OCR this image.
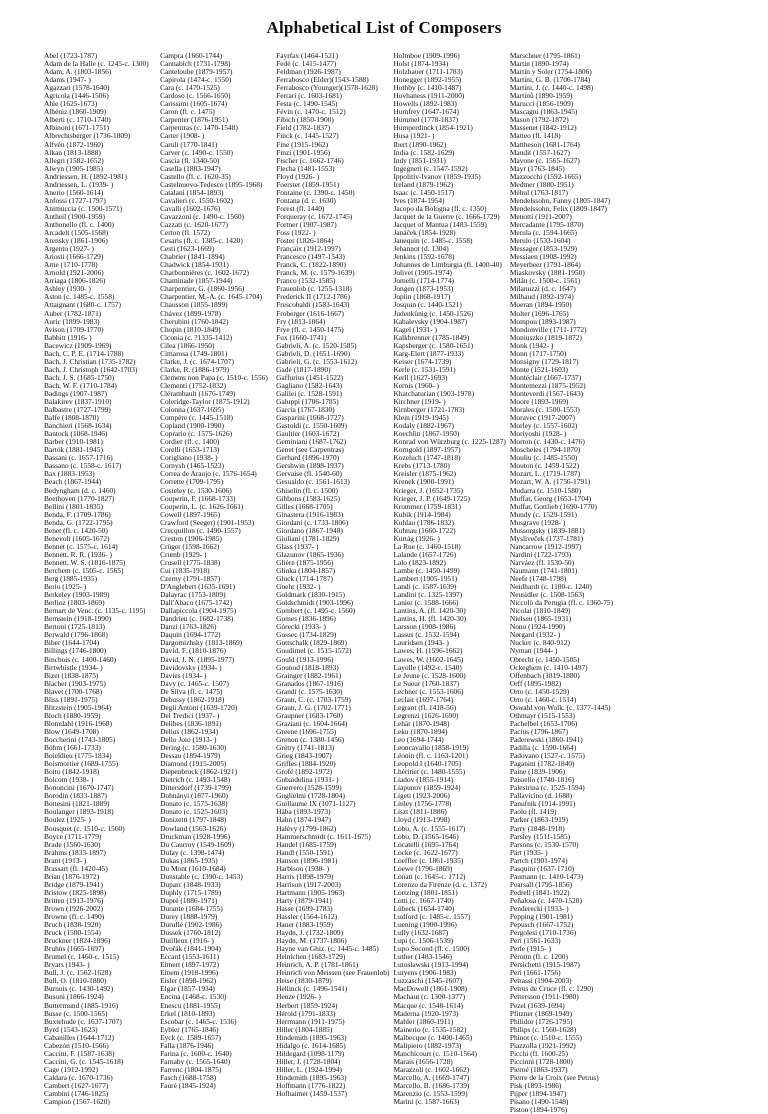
Alphabetical List of Composers
Abel (1723-1787)
Adam de la Halle (c. 1245-c. 1300)
Adam, A. (1803-1856)
Adams (1947- )
Agazzari (1578-1640)
Agricola (1446-1506)
Ahle (1625-1673)
Albéniz (1860-1909)
Alberti (c. 1710-1740)
Albinoni (1671-1751)
Albrechtsberger (1736-1809)
Alfvén (1872-1960)
Alkan (1813-1888)
Allegri (1582-1652)
Alwyn (1905-1985)
Andriessen, H. (1892-1981)
Andriessen, L. (1939- )
Anerio (1560-1614)
Anfossi (1727-1797)
Animuccia (c. 1500-1571)
Antheil (1900-1959)
Anthonello (fl. c. 1400)
Arcadelt (1505-1568)
Arensky (1861-1906)
Argento (1927- )
Ariosti (1666-1729)
Arne (1710-1778)
Arnold (1921-2006)
Arriaga (1806-1826)
Ashley (1930- )
Aston (c. 1485-c. 1558)
Attaignant (1680-c. 1757)
Auber (1782-1871)
Auric (1899-1983)
Avison (1709-1770)
Babbitt (1916- )
Bacewicz (1909-1969)
Bach, C. P. E. (1714-1788)
Bach, J. Christian (1735-1782)
Bach, J. Christoph (1642-1703)
Bach, J. S. (1685-1750)
Bach, W. F. (1710-1784)
Badings (1907-1987)
Balakirev (1837-1910)
Balbastre (1727-1799)
Balfe (1808-1870)
Banchieri (1568-1634)
Bantock (1868-1946)
Barber (1910-1981)
Bartók (1881-1945)
Bassani (c. 1657-1716)
Bassano (c. 1558-c. 1617)
Bax (1883-1953)
Beach (1867-1944)
Bedyngham (d. c. 1460)
Beethoven (1770-1827)
Bellini (1801-1835)
Benda, F. (1709-1786)
Benda, G. (1722-1795)
Benet (fl. c. 1420-50)
Benevoli (1605-1672)
Bennet (c. 1575-c. 1614)
Bennett, R. R. (1936- )
Bennett, W. S. (1816-1875)
Berchem (c. 1505-c. 1565)
Berg (1885-1935)
Berio (1925- )
Berkeley (1903-1989)
Berlioz (1803-1869)
Bernart de Venc. (c. 1135-c. 1195)
Bernstein (1918-1990)
Bertoni (1725-1813)
Berwald (1796-1868)
Biber (1644-1704)
Billings (1746-1800)
Binchois (c. 1400-1460)
Birtwhistle (1934- )
Bizet (1838-1875)
Blacher (1903-1975)
Blavet (1700-1768)
Bliss (1891-1975)
Blitzstein (1905-1964)
Bloch (1880-1959)
Blomdahl (1916-1968)
Blow (1649-1708)
Boccherini (1743-1805)
Böhm (1661-1733)
Boieldieu (1775-1834)
Boismortier (1689-1755)
Boito (1842-1918)
Bolcom (1938- )
Bononcini (1670-1747)
Borodin (1833-1887)
Bottesini (1821-1889)
Boulanger (1893-1918)
Boulez (1925- )
Bousquet (c. 1510-c. 1560)
Boyce (1711-1779)
Brade (1560-1630)
Brahms (1833-1897)
Brant (1913- )
Brassart (fl. 1420-45)
Brian (1876-1972)
Bridge (1879-1941)
Bristow (1825-1898)
Britten (1913-1976)
Brown (1926-2002)
Browne (fl. c. 1490)
Bruch (1838-1920)
Bruck (1500-1554)
Bruckner (1824-1896)
Bruhns (1665-1697)
Brumel (c. 1460-c. 1515)
Bryars (1943- )
Bull, J. (c. 1562-1628)
Bull, O. (1810-1880)
Burnois (c. 1430-1492)
Busoni (1866-1924)
Buttermund (1885-1916)
Busse (c. 1500-1565)
Buxtehude (c. 1637-1707)
Byrd (1543-1623)
Cabanilles (1644-1712)
Cabezón (1510-1566)
Caccini, F. (1587-1638)
Caccini, G. (c. 1545-1618)
Cage (1912-1992)
Caldara (c. 1670-1736)
Cambert (1627-1677)
Cambini (1746-1825)
Campion (1567-1620)
Campra (1660-1744)
Cannabich (1731-1798)
Canteloube (1879-1957)
Capirola (1474-c. 1550)
Cara (c. 1470-1525)
Cardoso (c. 1566-1650)
Carissimi (1605-1674)
Caron (fl. c. 1475)
Carpenter (1876-1951)
Carpentras (c. 1470-1548)
Carter (1908- )
Caruli (1770-1841)
Carver (c. 1490-c. 1550)
Cascia (fl. 1340-50)
Casella (1883-1947)
Castello (fl. c. 1620-35)
Castelnuovo-Tedesco (1895-1968)
Catalani (1854-1893)
Cavalieri (c. 1550-1602)
Cavalli (1602-1676)
Cavazzoni (c. 1490-c. 1560)
Cazzati (c. 1620-1677)
Certon (fl. 1572)
Cesaris (fl. c. 1385-c. 1420)
Cesti (1623-1669)
Chabrier (1841-1894)
Chadwick (1854-1931)
Charbonnières (c. 1602-1672)
Chaminade (1857-1944)
Charpentier, G. (1860-1956)
Charpentier, M.-A. (c. 1645-1704)
Chausson (1855-1899)
Chávez (1899-1978)
Cherubini (1760-1842)
Chopin (1810-1849)
Ciconia (c. ?1335-1412)
Cilea (1866-1950)
Cimarosa (1749-1801)
Clarke, J. (c. 1674-1707)
Clarke, R. (1886-1979)
Clemens non Papa (c. 1510-c. 1556)
Clementi (1752-1832)
Clérambault (1676-1749)
Coleridge-Taylor (1875-1912)
Colonna (1637-1695)
Compère (c. 1445-1518)
Copland (1900-1990)
Coprario (c. 1575-1626)
Cordier (fl. c. 1400)
Corelli (1653-1713)
Corigliano (1938- )
Cornysh (1465-1523)
Correa de Araujo (c. 1576-1654)
Corrette (1709-1795)
Costeley (c. 1530-1606)
Couperin, F. (1668-1733)
Couperin, L. (c. 1626-1661)
Cowell (1897-1965)
Crawford (Seeger) (1901-1953)
Crecquillon (c. 1490-1557)
Creston (1906-1985)
Crüger (1598-1662)
Crumb (1929- )
Crusell (1775-1838)
Cui (1835-1918)
Czerny (1791-1857)
D'Anglebert (1635-1691)
Dalayrac (1753-1809)
Dall'Abaco (1675-1742)
Dallapiccola (1904-1975)
Dandrieu (c. 1682-1738)
Danzi (1763-1826)
Daquin (1694-1772)
Dargomizhsky (1813-1869)
David, F. (1810-1876)
David, J. N. (1895-1977)
Davidovsky (1934- )
Davies (1934- )
Davy (c. 1465-c. 1507)
De Silva (fl. c. 1475)
Debussy (1862-1918)
Degli Antoni (1639-1720)
Del Tredici (1937- )
Delibes (1836-1891)
Delius (1862-1934)
Dello Joio (1913- )
Dering (c. 1580-1630)
Dessau (1894-1979)
Diamond (1915-2005)
Diepenbrock (1862-1921)
Dietrich (c. 1493-1548)
Dittersdorf (1739-1799)
Dohnányi (1877-1960)
Donato (c. 1575-1638)
Donato (c. 1525-1603)
Donizetti (1797-1848)
Dowland (1563-1626)
Druckman (1928-1996)
Du Caurroy (1549-1609)
Dufay (c. 1398-1474)
Dukas (1865-1935)
Du Mont (1610-1684)
Dunstable (c. 1390-c. 1453)
Duparc (1848-1933)
Duphly (1715-1789)
Dupré (1886-1971)
Durante (1684-1755)
Durey (1888-1979)
Duruflé (1902-1986)
Dussek (1760-1812)
Dutilleux (1916- )
Dvořák (1841-1904)
Eccard (1553-1611)
Eimert (1897-1972)
Einem (1918-1996)
Eisler (1898-1962)
Elgar (1857-1934)
Encina (1468-c. 1530)
Enescu (1881-1955)
Erkel (1810-1893)
Escobar (c. 1465-c. 1536)
Eybler (1765-1846)
Eyck (c. 1589-1657)
Falla (1876-1946)
Farina (c. 1600-c. 1640)
Farnaby (c. 1565-1640)
Farrenc (1804-1875)
Fasch (1688-1758)
Fauré (1845-1924)
Fayrfax (1464-1521)
Fedé (c. 1415-1477)
Feldman (1926-1987)
Ferrabosco (Elder)(1543-1588)
Ferrabosco (Younger)(1578-1628)
Ferrari (c. 1603-1681)
Festa (c. 1490-1545)
Févin (c. 1470-c. 1512)
Fibich (1850-1900)
Field (1782-1837)
Finck (c. 1445-1527)
Fine (1915-1962)
Finzi (1901-1956)
Fischer (c. 1662-1746)
Flecha (1481-1553)
Floyd (1926- )
Foerster (1859-1951)
Fontaine (c. 1390-c. 1450)
Fontana (d. c. 1630)
Forest (fl. 1440)
Forqueray (c. 1672-1745)
Fortner (1907-1987)
Foss (1922- )
Foster (1826-1864)
Françaix (1912-1997)
Francesco (1497-1543)
Franck, C. (1822-1890)
Franck, M. (c. 1579-1639)
Franco (1532-1585)
Frauenlob (c. 1255-1318)
Frederick II (1712-1786)
Frescobaldi (1583-1643)
Froberger (1616-1667)
Fry (1813-1864)
Frye (fl. c. 1450-1475)
Fux (1660-1741)
Gabrieli, A. (c. 1520-1585)
Gabrieli, D. (1651-1690)
Gabrieli, G. (c. 1553-1612)
Gade (1817-1890)
Gaffurius (1451-1522)
Gagliano (1582-1643)
Galilei (c. 1528-1591)
Galuppi (1706-1785)
Garcia (1767-1830)
Gasparini (1668-1727)
Gastoldi (c. 1550-1609)
Gaultier (1603-1672)
Geminiani (1687-1762)
Genet (see Carpentras)
Gerhard (1896-1970)
Gershwin (1898-1937)
Gervaise (fl. 1540-60)
Gesualdo (c. 1561-1613)
Ghiselin (fl. c. 1500)
Gibbons (1583-1625)
Gilles (1668-1705)
Ginastera (1916-1983)
Giordani (c. 1733-1806)
Giordano (1867-1948)
Giuliani (1781-1829)
Glass (1937- )
Glazunov (1865-1936)
Glière (1875-1956)
Glinka (1804-1857)
Gluck (1714-1787)
Goehr (1932- )
Goldmark (1830-1915)
Goldschmidt (1903-1996)
Gombert (c. 1495-c. 1560)
Gomes (1836-1896)
Górecki (1933- )
Gossec (1734-1829)
Gottschalk (1829-1869)
Goudimel (c. 1515-1572)
Gould (1913-1996)
Gounod (1818-1893)
Grainger (1882-1961)
Granados (1867-1916)
Grandi (c. 1575-1630)
Graun, C. (c. 1703-1759)
Graun, J. G. (1702-1771)
Graupner (1683-1760)
Graziani (c. 1604-1664)
Greene (1696-1755)
Grenon (c. 1380-1456)
Grétry (1741-1813)
Grieg (1843-1907)
Griffes (1884-1920)
Grofé (1892-1972)
Gubaidulina (1931- )
Guerrero (1528-1599)
Guglielmi (1728-1804)
Guillaume IX (1071-1127)
Hába (1893-1973)
Hahn (1874-1947)
Halévy (1799-1862)
Hammerschmidt (c. 1611-1675)
Handel (1685-1759)
Handl (1550-1591)
Hanson (1896-1981)
Harbison (1938- )
Harris (1898-1979)
Harrison (1917-2003)
Hartmann (1905-1963)
Harty (1879-1941)
Hasse (1699-1783)
Hassler (1564-1612)
Hauer (1883-1959)
Haydn, J. (1732-1809)
Haydn, M. (1737-1806)
Hayne van Ghiz. (c. 1445-c. 1485)
Heinichen (1683-1729)
Heinrich, A. P. (1781-1861)
Heinrich von Meissen (see Frauenlob)
Heise (1830-1879)
Hellinck (c. 1496-1541)
Henze (1926- )
Herbert (1859-1924)
Hérold (1791-1833)
Herrmann (1911-1975)
Hiller (1804-1885)
Hindemith (1895-1963)
Hidalgo (c. 1614-1685)
Hildegard (1098-1179)
Hiller, J. (1728-1804)
Hiller, L. (1924-1994)
Hindemith (1895-1963)
Hoffmann (1776-1822)
Hofhaimer (1459-1537)
Holmboe (1909-1996)
Holst (1874-1934)
Holzbauer (1711-1783)
Honegger (1892-1955)
Hothby (c. 1410-1487)
Hovhaness (1911-2000)
Howells (1892-1983)
Humfrey (1647-1674)
Hummel (1778-1837)
Humperdinck (1854-1921)
Husa (1921- )
Ibert (1890-1962)
India (c. 1582-1629)
Indy (1851-1931)
Ingegneri (c. 1547-1592)
Ippolitiv-Ivanov (1859-1935)
Ireland (1879-1962)
Isaac (c. 1450-1517)
Ives (1874-1954)
Jacopo da Bologna (fl. c. 1350)
Jacquet de la Guerre (c. 1666-1729)
Jacquet of Mantua (1483-1559)
Janáček (1854-1928)
Janequin (c. 1485-c. 1558)
Jehannot (d. 1304)
Jenkins (1592-1678)
Johannes de Limburgia (fl. 1400-40)
Jolivet (1905-1974)
Jomelli (1714-1774)
Jongen (1873-1953)
Joplin (1868-1917)
Josquin (c. 1440-1521)
Judenkünig (c. 1450-1526)
Kabalevsky (1904-1987)
Kagel (1931- )
Kalkbrenner (1785-1849)
Kapsberger (c. 1580-1651)
Karg-Elert (1877-1933)
Keiser (1674-1739)
Kerle (c. 1531-1591)
Kerll (1627-1693)
Kernis (1960- )
Khatchaturian (1903-1978)
Kirchner (1919- )
Kirnberger (1721-1783)
Klein (1919-1945)
Kodaly (1882-1967)
Koechlin (1867-1950)
Konrad von Würzburg (c. 1225-1287)
Korngold (1897-1957)
Kozeluch (1747-1818)
Krebs (1713-1780)
Kreisler (1875-1962)
Krenek (1900-1991)
Krieger, J. (1652-1735)
Krieger, J. P. (1649-1725)
Krommer (1759-1831)
Kubik (1914-1984)
Kuhlau (1786-1832)
Kuhnau (1660-1722)
Kurtág (1926- )
La Rue (c. 1460-1518)
Lalande (1657-1726)
Lalo (1823-1892)
Lambe (c. 1450-1499)
Lambert (1905-1951)
Landi (c. 1587-1639)
Landini (c. 1325-1397)
Lanier (c. 1588-1666)
Lantins, A. (fl. 1420-30)
Lantins, H. (fl. 1420-30)
Larsson (1908-1986)
Lassus (c. 1532-1594)
Lauridsen (1943- )
Lawes, H. (1596-1662)
Lawes, W. (1602-1645)
Layolle (1492-c. 1540)
Le Jeune (c. 1528-1600)
Le Sueur (1760-1837)
Lechner (c. 1553-1606)
Leclair (1697-1764)
Legrant (fl. 1418-56)
Legrenzi (1626-1690)
Lehár (1870-1948)
Leku (1870-1894)
Leo (1694-1744)
Leoncavallo (1858-1919)
Léonin (fl. c. 1163-1201)
Leopold I (1640-1705)
Lhéritier (c. 1480-1555)
Liadov (1855-1914)
Liapunov (1859-1924)
Ligeti (1923-2006)
Linley (1756-1778)
Liszt (1811-1886)
Lloyd (1913-1998)
Lobo, A. (c. 1555-1617)
Lobo, D. (1565-1646)
Locatelli (1695-1764)
Locke (c. 1622-1677)
Loeffler (c. 1861-1935)
Loewe (1796-1869)
Lonati (c. 1645-c. 1712)
Lorenzo da Firenze (d. c. 1372)
Lortzing (1801-1851)
Lotti (c. 1667-1740)
Lübeck (1654-1740)
Ludford (c. 1485-c. 1557)
Luening (1900-1996)
Lully (1632-1687)
Lupi (c. 1506-1539)
Lupo Second (fl. c. 1500)
Luther (1483-1546)
Lutosławski (1913-1994)
Lutyens (1906-1983)
Luzzaschi (1545-1607)
MacDowell (1861-1908)
Machaut (c. 1300-1377)
Macque (c. 1548-1614)
Maderna (1920-1973)
Mahler (1860-1911)
Mainerio (c. 1535-1582)
Malbecque (c. 1400-1465)
Malipiero (1882-1973)
Manchicourt (c. 1510-1564)
Marais (1656-1728)
Marazzoli (c. 1602-1662)
Marcello, A. (1669-1747)
Marcello, B. (1686-1739)
Marenzio (c. 1553-1599)
Marini (c. 1587-1663)
Marschner (1795-1861)
Martin (1890-1974)
Martín y Soler (1754-1806)
Martini, G. B. (1706-1784)
Martini, J. (c. 1440-c. 1498)
Martinů (1890-1959)
Marucci (1856-1909)
Mascagni (1863-1945)
Mason (1792-1872)
Massenet (1842-1912)
Matteo (fl. 1418)
Mattheson (1681-1764)
Maudit (1557-1627)
Mayone (c. 1565-1627)
Mayr (1763-1845)
Mazzocchi (1592-1665)
Medtner (1880-1951)
Méhul (1763-1817)
Mendelssohn, Fanny (1805-1847)
Mendelssohn, Felix (1809-1847)
Menotti (1911-2007)
Mercadante (1795-1870)
Merula (c. 1594-1665)
Merulo (1533-1604)
Messager (1853-1929)
Messiaen (1908-1992)
Meyerbeer (1791-1864)
Miaskovsky (1881-1950)
Milán (c. 1500-c. 1561)
Milanuzzi (d. c. 1647)
Milhaud (1892-1974)
Moeran (1894-1950)
Molter (1696-1765)
Mompou (1893-1987)
Mondonville (1711-1772)
Moniuszko (1819-1872)
Monk (1942- )
Monn (1717-1750)
Monsigny (1729-1817)
Monte (1521-1603)
Montéclair (1667-1737)
Montemezzi (1875-1952)
Monteverdi (1567-1643)
Moore (1893-1969)
Morales (c. 1500-1553)
Moravec (1917-2007)
Morley (c. 1557-1602)
Moriyoshi (1928- )
Morton (c. 1430-c. 1476)
Moscheles (1794-1870)
Mouliu (c. 1485-1550)
Mouton (c. 1459-1522)
Mozart, L. (1719-1787)
Mozart, W. A. (1756-1791)
Mudarra (c. 1510-1580)
Muffat, Georg (1653-1704)
Muffat, Gottlieb (1690-1770)
Mundy (c. 1529-1591)
Musgrave (1928- )
Mussorgsky (1839-1881)
Mysliveček (1737-1781)
Nancarrow (1912-1997)
Nardini (1722-1793)
Narváez (fl. 1530-50)
Naumann (1741-1801)
Neefe (1748-1798)
Neidhardt (c. 1180-c. 1240)
Neusidler (c. 1508-1563)
Niccolò da Perugia (fl. c. 1360-75)
Nicolai (1810-1849)
Nielsen (1865-1931)
Nono (1924-1990)
Nørgard (1932- )
Nucker (c. 840-912)
Nyman (1944- )
Obrecht (c. 1450-1505)
Ockeghem (c. 1410-1497)
Offenbach (1819-1880)
Orff (1895-1982)
Orto (c. 1450-1529)
Orto (c. 1460-c. 1514)
Oswald von Wolk. (c. 1377-1445)
Othmayr (1515-1553)
Pachelbel (1653-1706)
Pacius (1796-1867)
Paderewski (1860-1941)
Padilla (c. 1590-1664)
Padovano (1527-c. 1575)
Paganini (1782-1840)
Paine (1839-1906)
Paisiello (1740-1816)
Palestrina (c. 1525-1594)
Pallavicino (d. 1688)
Panufnik (1914-1991)
Paolo (fl. 1419)
Parker (1863-1919)
Parry (1848-1918)
Parsley (1511-1585)
Parsons (c. 1530-1570)
Pärt (1935- )
Partch (1901-1974)
Pasquini (1637-1710)
Paumann (c. 1410-1473)
Pearsall (1795-1856)
Pedrell (1841-1922)
Peñalosa (c. 1470-1528)
Penderecki (1933- )
Pepping (1901-1981)
Pepusch (1667-1752)
Pergolesi (1710-1736)
Peri (1561-1633)
Perle (1915- )
Pérotin (fl. c. 1200)
Persichetti (1915-1987)
Peri (1661-1756)
Petrassi (1904-2003)
Petrus de Cruce (fl. c. 1290)
Pettersson (1911-1980)
Pezel (1639-1694)
Pfitzner (1869-1949)
Philidor (1726-1795)
Philips (c. 1560-1628)
Phinot (c. 1510-c. 1555)
Piazzolla (1921-1992)
Picchi (fl. 1600-25)
Piccinni (1728-1800)
Pierné (1863-1937)
Pierre de la Croix (see Petrus)
Pisk (1893-1986)
Pijper (1894-1947)
Pisano (1490-1548)
Piston (1894-1976)
